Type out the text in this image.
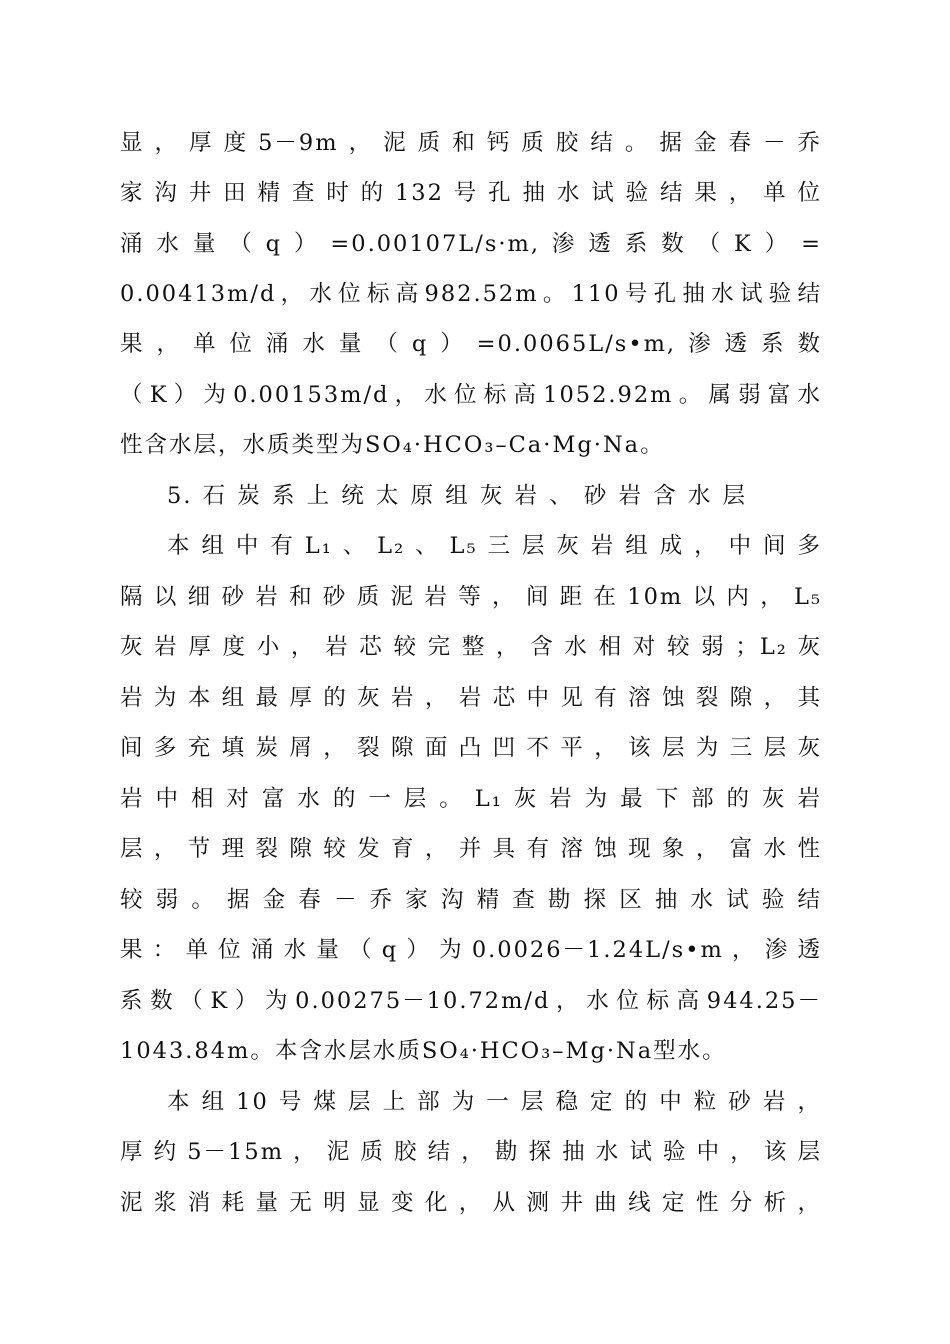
显，厚度5－9m，泥质和钙质胶结。据金春－乔
家沟井田精查时的132号孔抽水试验结果，单位
涌水量（q）=0.00107L/s·m,渗透系数（K）=
0.00413m/d，水位标高982.52m。110号孔抽水试验结
果，单位涌水量（q）=0.0065L/s•m,渗透系数
（K）为0.00153m/d，水位标高1052.92m。属弱富水
性含水层，水质类型为SO₄·HCO₃–Ca·Mg·Na。
5.石炭系上统太原组灰岩、砂岩含水层
本组中有L₁、L₂、L₅三层灰岩组成，中间多
隔以细砂岩和砂质泥岩等，间距在10m以内，L₅
灰岩厚度小，岩芯较完整，含水相对较弱；L₂灰
岩为本组最厚的灰岩，岩芯中见有溶蚀裂隙，其
间多充填炭屑，裂隙面凸凹不平，该层为三层灰
岩中相对富水的一层。L₁灰岩为最下部的灰岩
层，节理裂隙较发育，并具有溶蚀现象，富水性
较弱。据金春－乔家沟精查勘探区抽水试验结
果：单位涌水量（q）为0.0026－1.24L/s•m，渗透
系数（K）为0.00275－10.72m/d，水位标高944.25－
1043.84m。本含水层水质SO₄·HCO₃–Mg·Na型水。
本组10号煤层上部为一层稳定的中粒砂岩，
厚约5－15m，泥质胶结，勘探抽水试验中，该层
泥浆消耗量无明显变化，从测井曲线定性分析，
